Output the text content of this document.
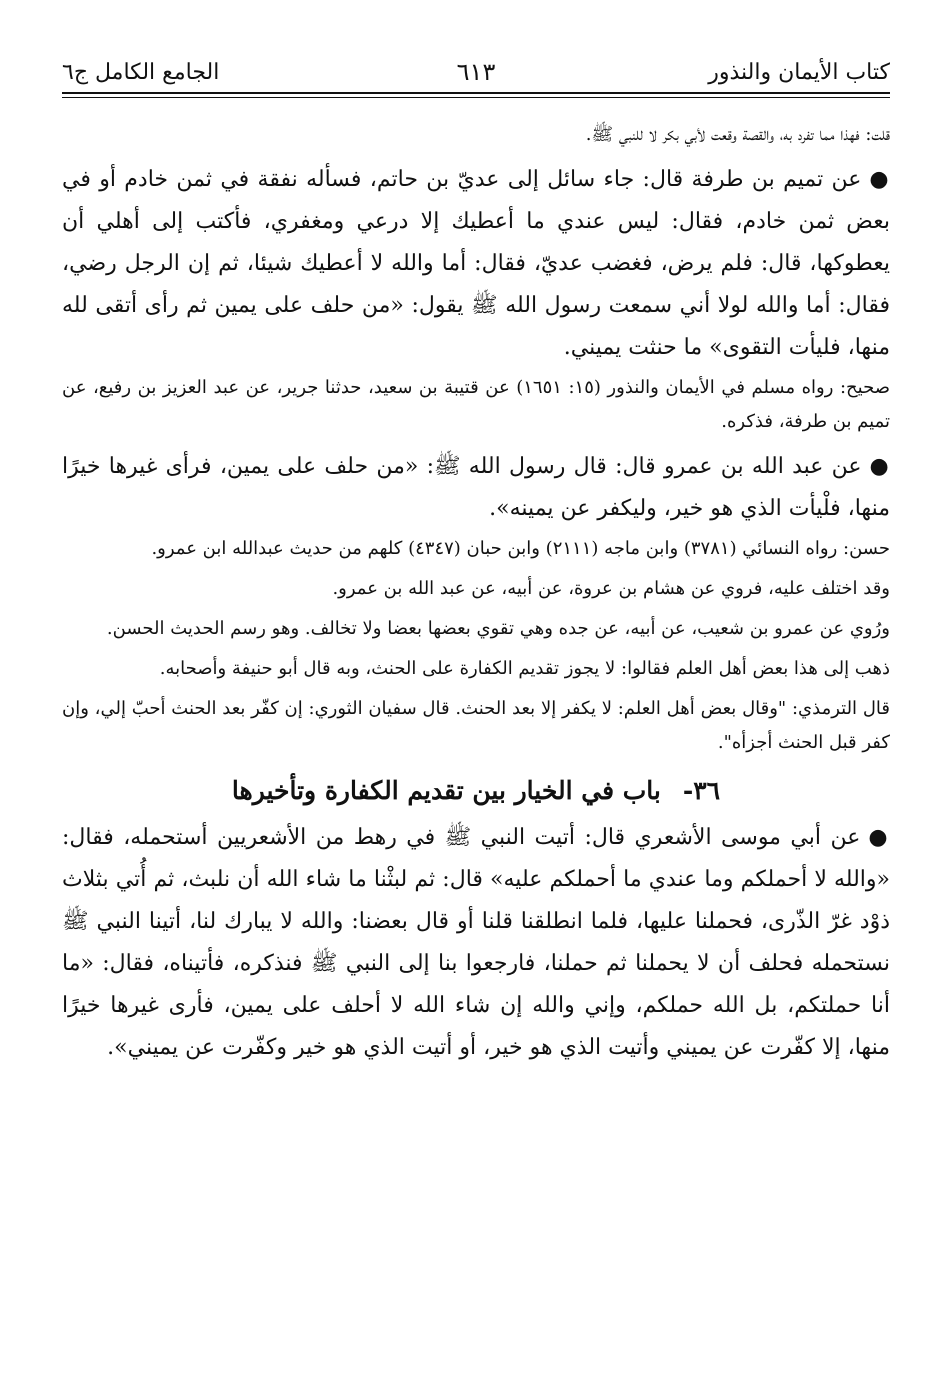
كتاب الأيمان والنذور
٦١٣
الجامع الكامل ج٦

قلت: فهذا مما تفرد به، والقصة وقعت لأبي بكر لا للنبي ﷺ.

●عن تميم بن طرفة قال: جاء سائل إلى عديّ بن حاتم، فسأله نفقة في ثمن خادم أو في بعض ثمن خادم، فقال: ليس عندي ما أعطيك إلا درعي ومغفري، فأكتب إلى أهلي أن يعطوكها، قال: فلم يرض، فغضب عديّ، فقال: أما والله لا أعطيك شيئا، ثم إن الرجل رضي، فقال: أما والله لولا أني سمعت رسول الله ﷺ يقول: «من حلف على يمين ثم رأى أتقى لله منها، فليأت التقوى» ما حنثت يميني.

صحيح: رواه مسلم في الأيمان والنذور (١٥: ١٦٥١) عن قتيبة بن سعيد، حدثنا جرير، عن عبد العزيز بن رفيع، عن تميم بن طرفة، فذكره.

●عن عبد الله بن عمرو قال: قال رسول الله ﷺ: «من حلف على يمين، فرأى غيرها خيرًا منها، فلْيأت الذي هو خير، وليكفر عن يمينه».

حسن: رواه النسائي (٣٧٨١) وابن ماجه (٢١١١) وابن حبان (٤٣٤٧) كلهم من حديث عبدالله ابن عمرو.

وقد اختلف عليه، فروي عن هشام بن عروة، عن أبيه، عن عبد الله بن عمرو.

ورُوي عن عمرو بن شعيب، عن أبيه، عن جده وهي تقوي بعضها بعضا ولا تخالف. وهو رسم الحديث الحسن.

ذهب إلى هذا بعض أهل العلم فقالوا: لا يجوز تقديم الكفارة على الحنث، وبه قال أبو حنيفة وأصحابه.

قال الترمذي: "وقال بعض أهل العلم: لا يكفر إلا بعد الحنث. قال سفيان الثوري: إن كفّر بعد الحنث أحبّ إلي، وإن كفر قبل الحنث أجزأه".

٣٦-باب في الخيار بين تقديم الكفارة وتأخيرها

●عن أبي موسى الأشعري قال: أتيت النبي ﷺ في رهط من الأشعريين أستحمله، فقال: «والله لا أحملكم وما عندي ما أحملكم عليه» قال: ثم لبثْنا ما شاء الله أن نلبث، ثم أُتي بثلاث ذوْد غرّ الذّرى، فحملنا عليها، فلما انطلقنا قلنا أو قال بعضنا: والله لا يبارك لنا، أتينا النبي ﷺ نستحمله فحلف أن لا يحملنا ثم حملنا، فارجعوا بنا إلى النبي ﷺ فنذكره، فأتيناه، فقال: «ما أنا حملتكم، بل الله حملكم، وإني والله إن شاء الله لا أحلف على يمين، فأرى غيرها خيرًا منها، إلا كفّرت عن يميني وأتيت الذي هو خير، أو أتيت الذي هو خير وكفّرت عن يميني».
